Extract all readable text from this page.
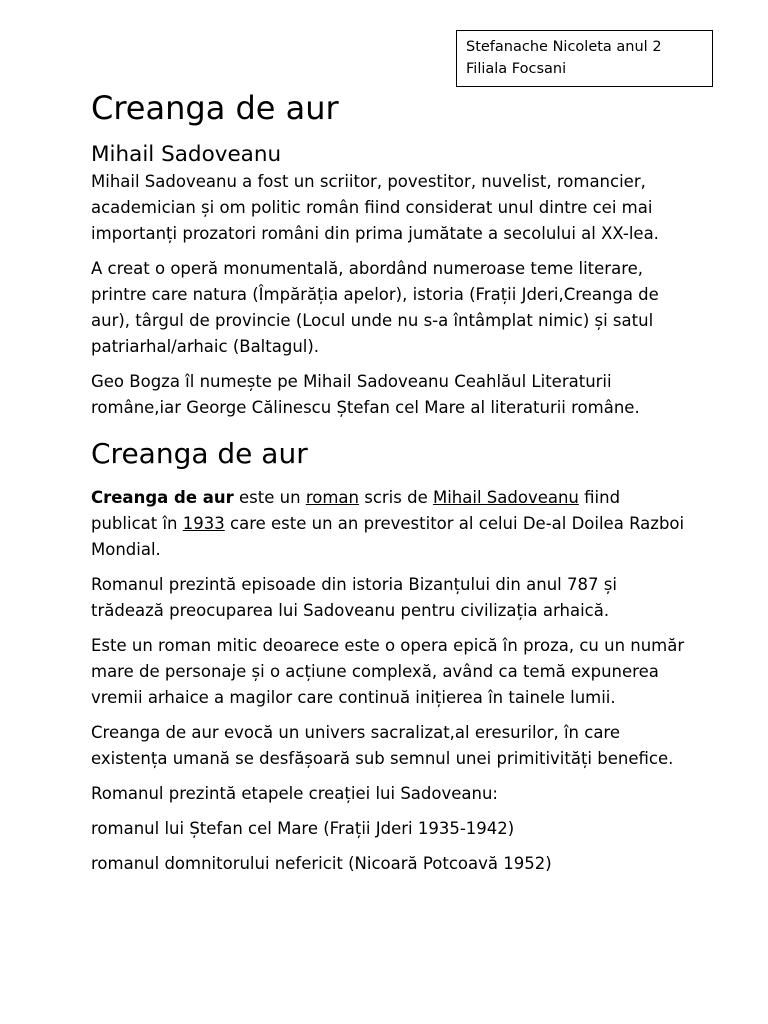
Stefanache Nicoleta anul 2
Filiala Focsani
Creanga de aur
Mihail Sadoveanu

Mihail Sadoveanu a fost un scriitor, povestitor, nuvelist, romancier, academician și om politic român fiind considerat unul dintre cei mai importanți prozatori români din prima jumătate a secolului al XX-lea.

A creat o operă monumentală, abordând numeroase teme literare, printre care natura (Împărăția apelor), istoria (Frații Jderi,Creanga de aur), târgul de provincie (Locul unde nu s-a întâmplat nimic) și satul patriarhal/arhaic (Baltagul).

Geo Bogza îl numește pe Mihail Sadoveanu Ceahlăul Literaturii române,iar George Călinescu Ștefan cel Mare al literaturii române.

Creanga de aur

Creanga de aur este un roman scris de Mihail Sadoveanu fiind publicat în 1933 care este un an prevestitor al celui De-al Doilea Razboi Mondial.

Romanul prezintă episoade din istoria Bizanțului din anul 787 și trădează preocuparea lui Sadoveanu pentru civilizația arhaică.

Este un roman mitic deoarece este o opera epică în proza, cu un număr mare de personaje și o acțiune complexă, având ca temă expunerea vremii arhaice a magilor care continuă inițierea în tainele lumii.

Creanga de aur evocă un univers sacralizat,al eresurilor, în care existența umană se desfășoară sub semnul unei primitivități benefice.

Romanul prezintă etapele creației lui Sadoveanu:

romanul lui Ștefan cel Mare (Frații Jderi 1935-1942)

romanul domnitorului nefericit (Nicoară Potcoavă 1952)
